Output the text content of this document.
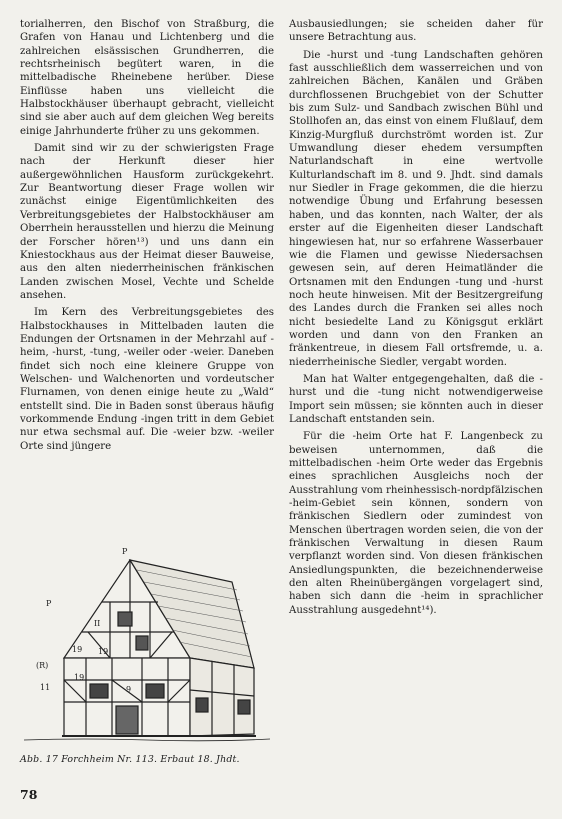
torialherren, den Bischof von Straßburg, die Grafen von Hanau und Lichtenberg und die zahlreichen elsässischen Grundherren, die rechtsrheinisch begütert waren, in die mittelbadische Rheinebene herüber. Diese Einflüsse haben uns vielleicht die Halbstockhäuser überhaupt gebracht, vielleicht sind sie aber auch auf dem gleichen Weg bereits einige Jahrhunderte früher zu uns gekommen.

Damit sind wir zu der schwierigsten Frage nach der Herkunft dieser hier außergewöhnlichen Hausform zurückgekehrt. Zur Beantwortung dieser Frage wollen wir zunächst einige Eigentümlichkeiten des Verbreitungsgebietes der Halbstockhäuser am Oberrhein herausstellen und hierzu die Meinung der Forscher hören¹³) und uns dann ein Kniestockhaus aus der Heimat dieser Bauweise, aus den alten niederrheinischen fränkischen Landen zwischen Mosel, Vechte und Schelde ansehen.

Im Kern des Verbreitungsgebietes des Halbstockhauses in Mittelbaden lauten die Endungen der Ortsnamen in der Mehrzahl auf -heim, -hurst, -tung, -weiler oder -weier. Daneben findet sich noch eine kleinere Gruppe von Welschen- und Walchenorten und vordeutscher Flurnamen, von denen einige heute zu „Wald“ entstellt sind. Die in Baden sonst überaus häufig vorkommende Endung -ingen tritt in dem Gebiet nur etwa sechsmal auf. Die -weier bzw. -weiler Orte sind jüngere

P
P
(R)
II
19 19
9
19
11
Abb. 17 Forchheim Nr. 113. Erbaut 18. Jhdt.

Ausbausiedlungen; sie scheiden daher für unsere Betrachtung aus.

Die -hurst und -tung Landschaften gehören fast ausschließlich dem wasserreichen und von zahlreichen Bächen, Kanälen und Gräben durchflossenen Bruchgebiet von der Schutter bis zum Sulz- und Sandbach zwischen Bühl und Stollhofen an, das einst von einem Flußlauf, dem Kinzig-Murgfluß durchströmt worden ist. Zur Umwandlung dieser ehedem versumpften Naturlandschaft in eine wertvolle Kulturlandschaft im 8. und 9. Jhdt. sind damals nur Siedler in Frage gekommen, die die hierzu notwendige Übung und Erfahrung besessen haben, und das konnten, nach Walter, der als erster auf die Eigenheiten dieser Landschaft hingewiesen hat, nur so erfahrene Wasserbauer wie die Flamen und gewisse Niedersachsen gewesen sein, auf deren Heimatländer die Ortsnamen mit den Endungen -tung und -hurst noch heute hinweisen. Mit der Besitzergreifung des Landes durch die Franken sei alles noch nicht besiedelte Land zu Königsgut erklärt worden und dann von den Franken an fränkentreue, in diesem Fall ortsfremde, u. a. niederrheinische Siedler, vergabt worden.

Man hat Walter entgegengehalten, daß die -hurst und die -tung nicht notwendigerweise Import sein müssen; sie könnten auch in dieser Landschaft entstanden sein.

Für die -heim Orte hat F. Langenbeck zu beweisen unternommen, daß die mittelbadischen -heim Orte weder das Ergebnis eines sprachlichen Ausgleichs noch der Ausstrahlung vom rheinhessisch-nordpfälzischen -heim-Gebiet sein können, sondern von fränkischen Siedlern oder zumindest von Menschen übertragen worden seien, die von der fränkischen Verwaltung in diesen Raum verpflanzt worden sind. Von diesen fränkischen Ansiedlungspunkten, die bezeichnenderweise den alten Rheinübergängen vorgelagert sind, haben sich dann die -heim in sprachlicher Ausstrahlung ausgedehnt¹⁴).

78
